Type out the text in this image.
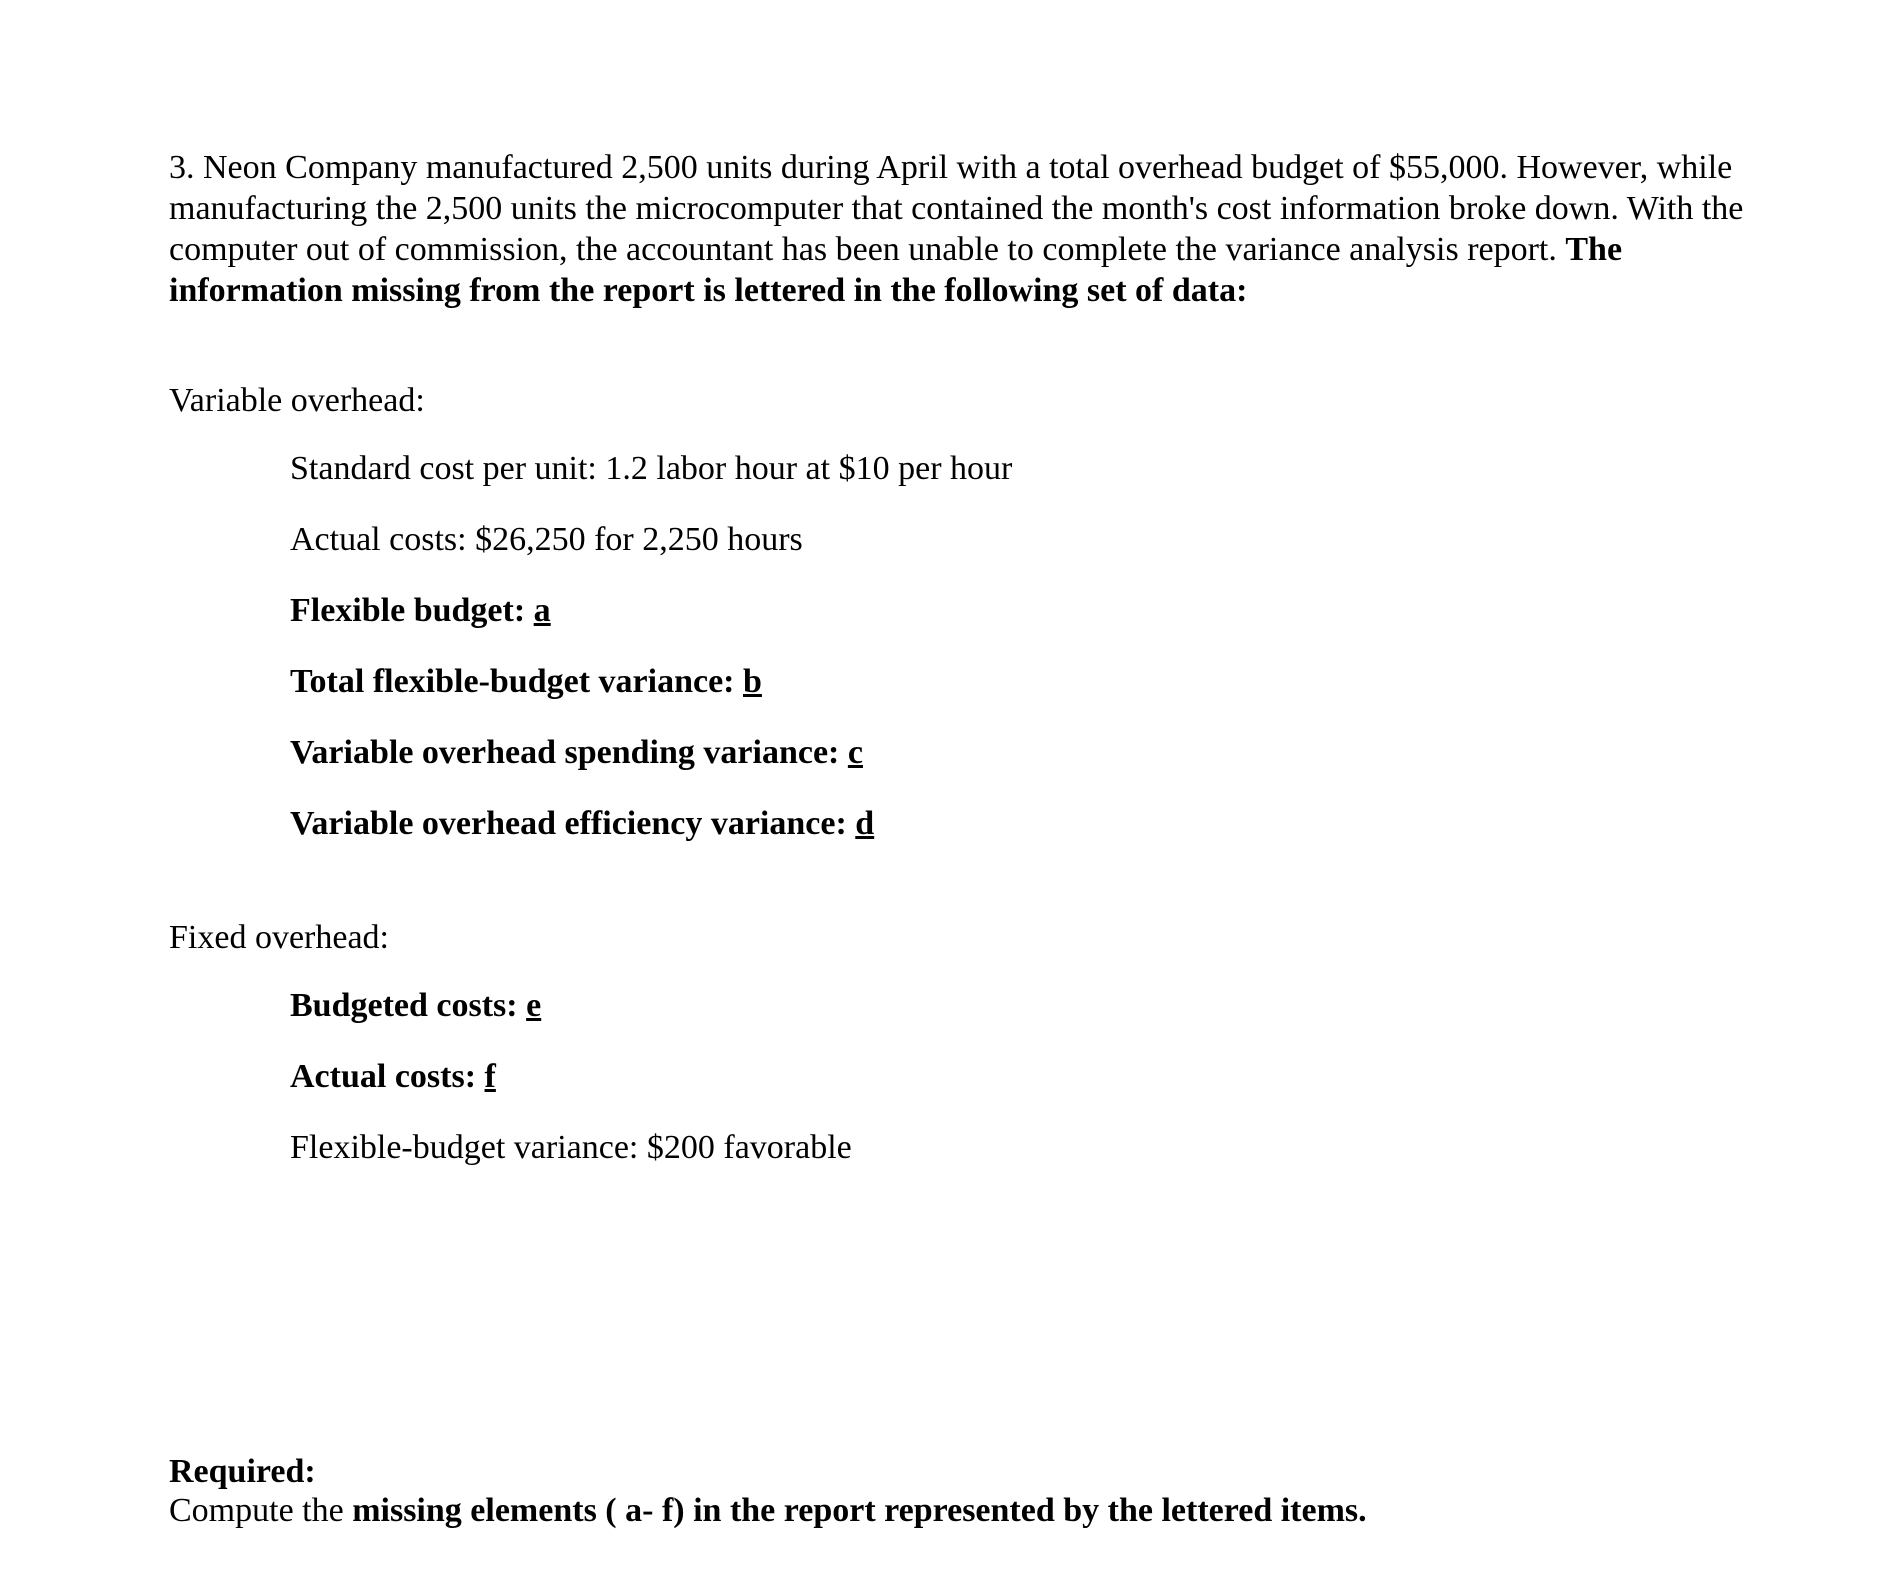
3. Neon Company manufactured 2,500 units during April with a total overhead budget of $55,000. However, while manufacturing the 2,500 units the microcomputer that contained the month's cost information broke down. With the computer out of commission, the accountant has been unable to complete the variance analysis report. The information missing from the report is lettered in the following set of data:

Variable overhead:

Standard cost per unit: 1.2 labor hour at $10 per hour

Actual costs: $26,250 for 2,250 hours

Flexible budget: a

Total flexible-budget variance: b

Variable overhead spending variance: c

Variable overhead efficiency variance: d

Fixed overhead:

Budgeted costs: e

Actual costs: f

Flexible-budget variance: $200 favorable

Required:

Compute the missing elements ( a- f) in the report represented by the lettered items.
